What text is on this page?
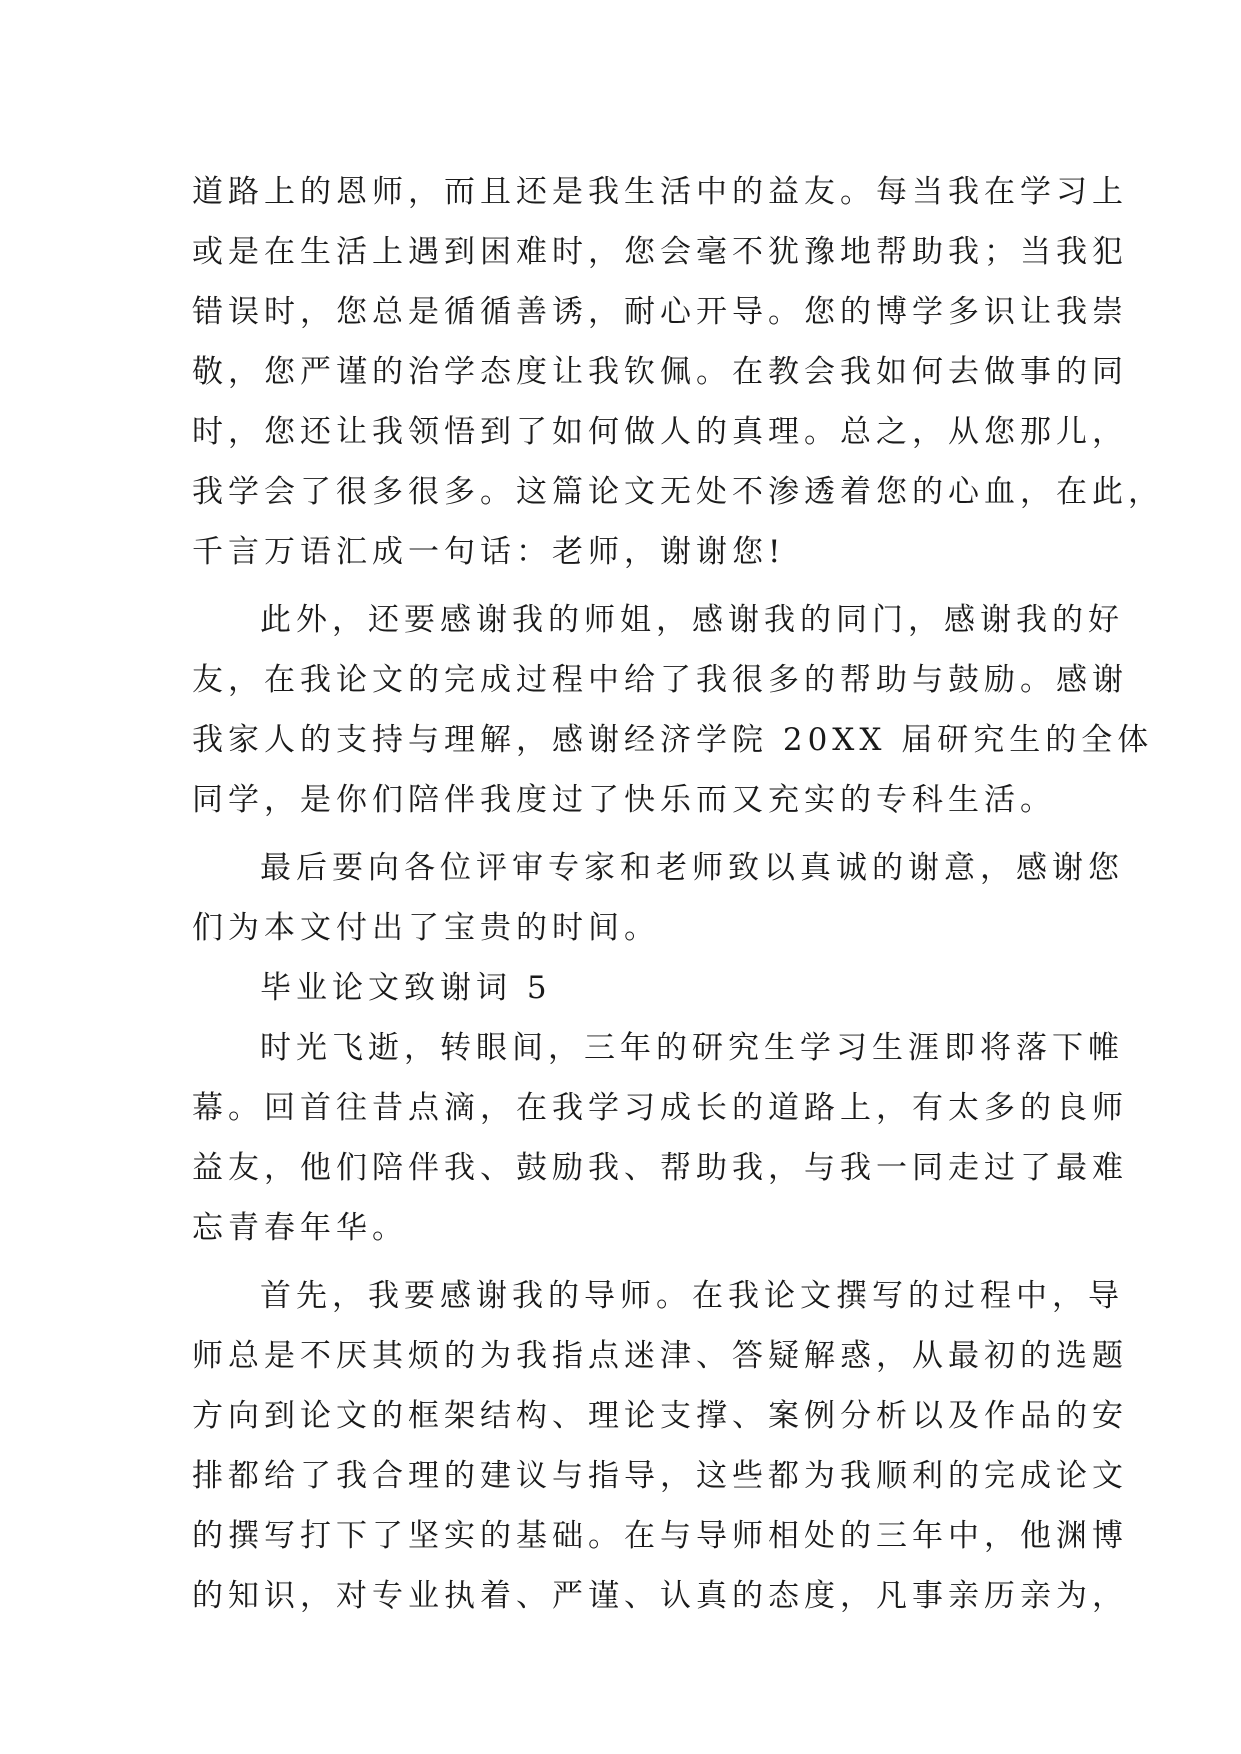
道路上的恩师，而且还是我生活中的益友。每当我在学习上
或是在生活上遇到困难时，您会毫不犹豫地帮助我；当我犯
错误时，您总是循循善诱，耐心开导。您的博学多识让我崇
敬，您严谨的治学态度让我钦佩。在教会我如何去做事的同
时，您还让我领悟到了如何做人的真理。总之，从您那儿，
我学会了很多很多。这篇论文无处不渗透着您的心血，在此，
千言万语汇成一句话：老师，谢谢您!
此外，还要感谢我的师姐，感谢我的同门，感谢我的好
友，在我论文的完成过程中给了我很多的帮助与鼓励。感谢
我家人的支持与理解，感谢经济学院 20XX 届研究生的全体
同学，是你们陪伴我度过了快乐而又充实的专科生活。
最后要向各位评审专家和老师致以真诚的谢意，感谢您
们为本文付出了宝贵的时间。
毕业论文致谢词 5
时光飞逝，转眼间，三年的研究生学习生涯即将落下帷
幕。回首往昔点滴，在我学习成长的道路上，有太多的良师
益友，他们陪伴我、鼓励我、帮助我，与我一同走过了最难
忘青春年华。
首先，我要感谢我的导师。在我论文撰写的过程中，导
师总是不厌其烦的为我指点迷津、答疑解惑，从最初的选题
方向到论文的框架结构、理论支撑、案例分析以及作品的安
排都给了我合理的建议与指导，这些都为我顺利的完成论文
的撰写打下了坚实的基础。在与导师相处的三年中，他渊博
的知识，对专业执着、严谨、认真的态度，凡事亲历亲为，
